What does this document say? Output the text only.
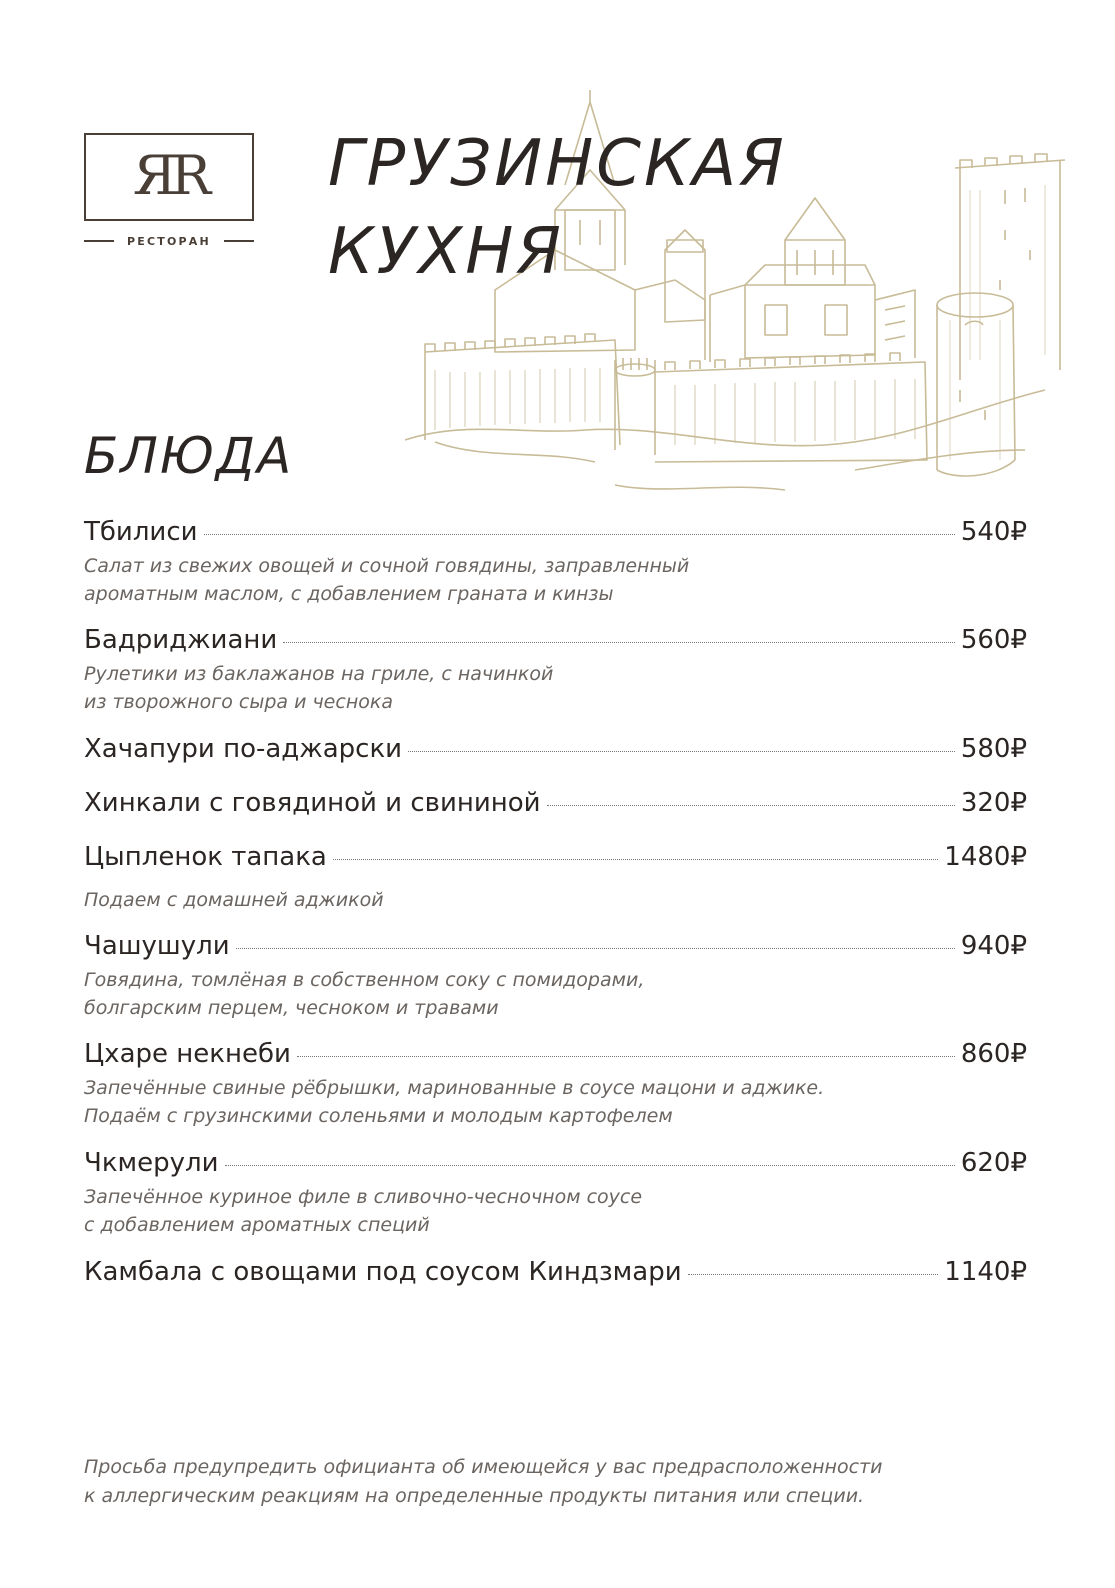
ЯR
РЕСТОРАН
ГРУЗИНСКАЯ
КУХНЯ
БЛЮДА
Тбилиси	540₽
Салат из свежих овощей и сочной говядины, заправленный
ароматным маслом, с добавлением граната и кинзы
Бадриджиани	560₽
Рулетики из баклажанов на гриле, с начинкой
из творожного сыра и чеснока
Хачапури по-аджарски	580₽
Хинкали с говядиной и свининой	320₽
Цыпленок тапака	1480₽
Подаем с домашней аджикой
Чашушули	940₽
Говядина, томлёная в собственном соку с помидорами,
болгарским перцем, чесноком и травами
Цхаре некнеби	860₽
Запечённые свиные рёбрышки, маринованные в соусе мацони и аджике.
Подаём с грузинскими соленьями и молодым картофелем
Чкмерули	620₽
Запечённое куриное филе в сливочно-чесночном соусе
с добавлением ароматных специй
Камбала с овощами под соусом Киндзмари	1140₽
Просьба предупредить официанта об имеющейся у вас предрасположенности
к аллергическим реакциям на определенные продукты питания или специи.
